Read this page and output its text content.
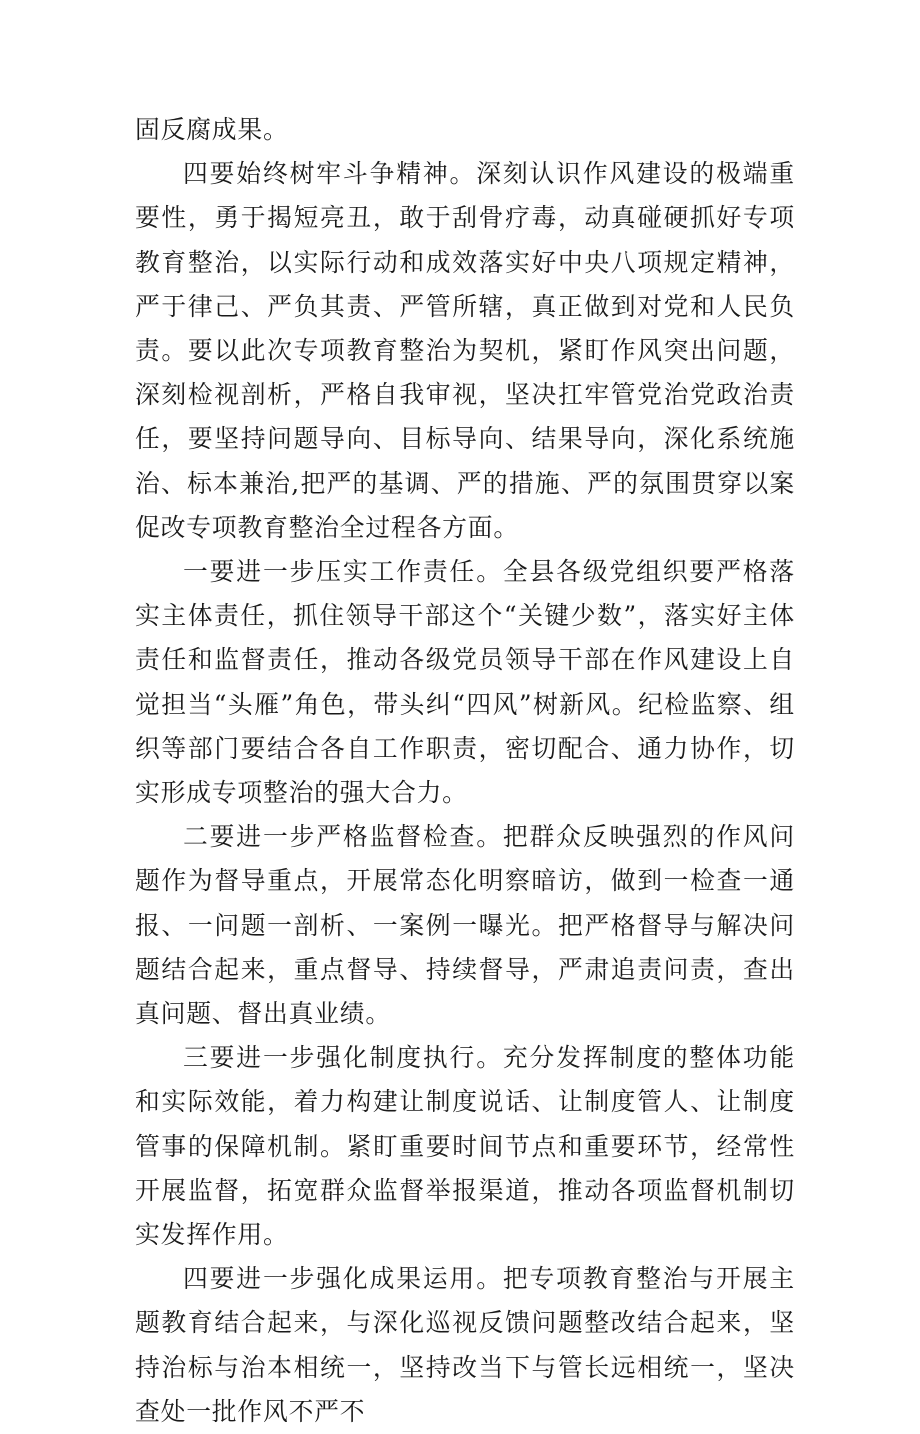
固反腐成果。

四要始终树牢斗争精神。深刻认识作风建设的极端重要性，勇于揭短亮丑，敢于刮骨疗毒，动真碰硬抓好专项教育整治，以实际行动和成效落实好中央八项规定精神，严于律己、严负其责、严管所辖，真正做到对党和人民负责。要以此次专项教育整治为契机，紧盯作风突出问题，深刻检视剖析，严格自我审视，坚决扛牢管党治党政治责任，要坚持问题导向、目标导向、结果导向，深化系统施治、标本兼治,把严的基调、严的措施、严的氛围贯穿以案促改专项教育整治全过程各方面。

一要进一步压实工作责任。全县各级党组织要严格落实主体责任，抓住领导干部这个“关键少数”，落实好主体责任和监督责任，推动各级党员领导干部在作风建设上自觉担当“头雁”角色，带头纠“四风”树新风。纪检监察、组织等部门要结合各自工作职责，密切配合、通力协作，切实形成专项整治的强大合力。

二要进一步严格监督检查。把群众反映强烈的作风问题作为督导重点，开展常态化明察暗访，做到一检查一通报、一问题一剖析、一案例一曝光。把严格督导与解决问题结合起来，重点督导、持续督导，严肃追责问责，查出真问题、督出真业绩。

三要进一步强化制度执行。充分发挥制度的整体功能和实际效能，着力构建让制度说话、让制度管人、让制度管事的保障机制。紧盯重要时间节点和重要环节，经常性开展监督，拓宽群众监督举报渠道，推动各项监督机制切实发挥作用。

四要进一步强化成果运用。把专项教育整治与开展主题教育结合起来，与深化巡视反馈问题整改结合起来，坚持治标与治本相统一，坚持改当下与管长远相统一，坚决查处一批作风不严不
